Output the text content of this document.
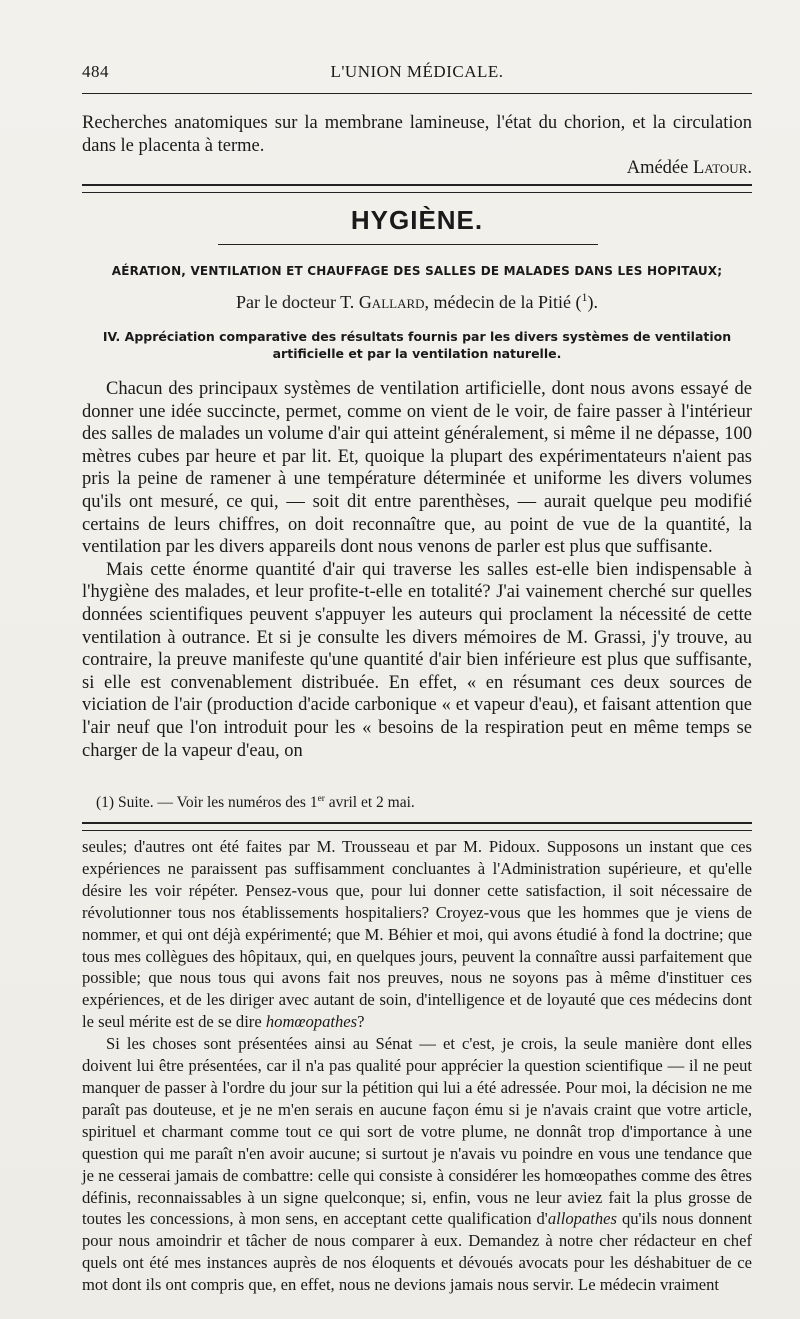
484	L'UNION MÉDICALE.

Recherches anatomiques sur la membrane lamineuse, l'état du chorion, et la circulation dans le placenta à terme.

Amédée Latour.

HYGIÈNE.
AÉRATION, VENTILATION ET CHAUFFAGE DES SALLES DE MALADES DANS LES HOPITAUX;
Par le docteur T. Gallard, médecin de la Pitié ($^1$).
IV. Appréciation comparative des résultats fournis par les divers systèmes de ventilation artificielle et par la ventilation naturelle.

Chacun des principaux systèmes de ventilation artificielle, dont nous avons essayé de donner une idée succincte, permet, comme on vient de le voir, de faire passer à l'intérieur des salles de malades un volume d'air qui atteint généralement, si même il ne dépasse, 100 mètres cubes par heure et par lit. Et, quoique la plupart des expérimentateurs n'aient pas pris la peine de ramener à une température déterminée et uniforme les divers volumes qu'ils ont mesuré, ce qui, — soit dit entre parenthèses, — aurait quelque peu modifié certains de leurs chiffres, on doit reconnaître que, au point de vue de la quantité, la ventilation par les divers appareils dont nous venons de parler est plus que suffisante.

Mais cette énorme quantité d'air qui traverse les salles est-elle bien indispensable à l'hygiène des malades, et leur profite-t-elle en totalité? J'ai vainement cherché sur quelles données scientifiques peuvent s'appuyer les auteurs qui proclament la nécessité de cette ventilation à outrance. Et si je consulte les divers mémoires de M. Grassi, j'y trouve, au contraire, la preuve manifeste qu'une quantité d'air bien inférieure est plus que suffisante, si elle est convenablement distribuée. En effet, « en résumant ces deux sources de viciation de l'air (production d'acide carbonique « et vapeur d'eau), et faisant attention que l'air neuf que l'on introduit pour les « besoins de la respiration peut en même temps se charger de la vapeur d'eau, on

(1) Suite. — Voir les numéros des 1er avril et 2 mai.

seules; d'autres ont été faites par M. Trousseau et par M. Pidoux. Supposons un instant que ces expériences ne paraissent pas suffisamment concluantes à l'Administration supérieure, et qu'elle désire les voir répéter. Pensez-vous que, pour lui donner cette satisfaction, il soit nécessaire de révolutionner tous nos établissements hospitaliers? Croyez-vous que les hommes que je viens de nommer, et qui ont déjà expérimenté; que M. Béhier et moi, qui avons étudié à fond la doctrine; que tous mes collègues des hôpitaux, qui, en quelques jours, peuvent la connaître aussi parfaitement que possible; que nous tous qui avons fait nos preuves, nous ne soyons pas à même d'instituer ces expériences, et de les diriger avec autant de soin, d'intelligence et de loyauté que ces médecins dont le seul mérite est de se dire homœopathes?

Si les choses sont présentées ainsi au Sénat — et c'est, je crois, la seule manière dont elles doivent lui être présentées, car il n'a pas qualité pour apprécier la question scientifique — il ne peut manquer de passer à l'ordre du jour sur la pétition qui lui a été adressée. Pour moi, la décision ne me paraît pas douteuse, et je ne m'en serais en aucune façon ému si je n'avais craint que votre article, spirituel et charmant comme tout ce qui sort de votre plume, ne donnât trop d'importance à une question qui me paraît n'en avoir aucune; si surtout je n'avais vu poindre en vous une tendance que je ne cesserai jamais de combattre: celle qui consiste à considérer les homœopathes comme des êtres définis, reconnaissables à un signe quelconque; si, enfin, vous ne leur aviez fait la plus grosse de toutes les concessions, à mon sens, en acceptant cette qualification d'allopathes qu'ils nous donnent pour nous amoindrir et tâcher de nous comparer à eux. Demandez à notre cher rédacteur en chef quels ont été mes instances auprès de nos éloquents et dévoués avocats pour les déshabituer de ce mot dont ils ont compris que, en effet, nous ne devions jamais nous servir. Le médecin vraiment
